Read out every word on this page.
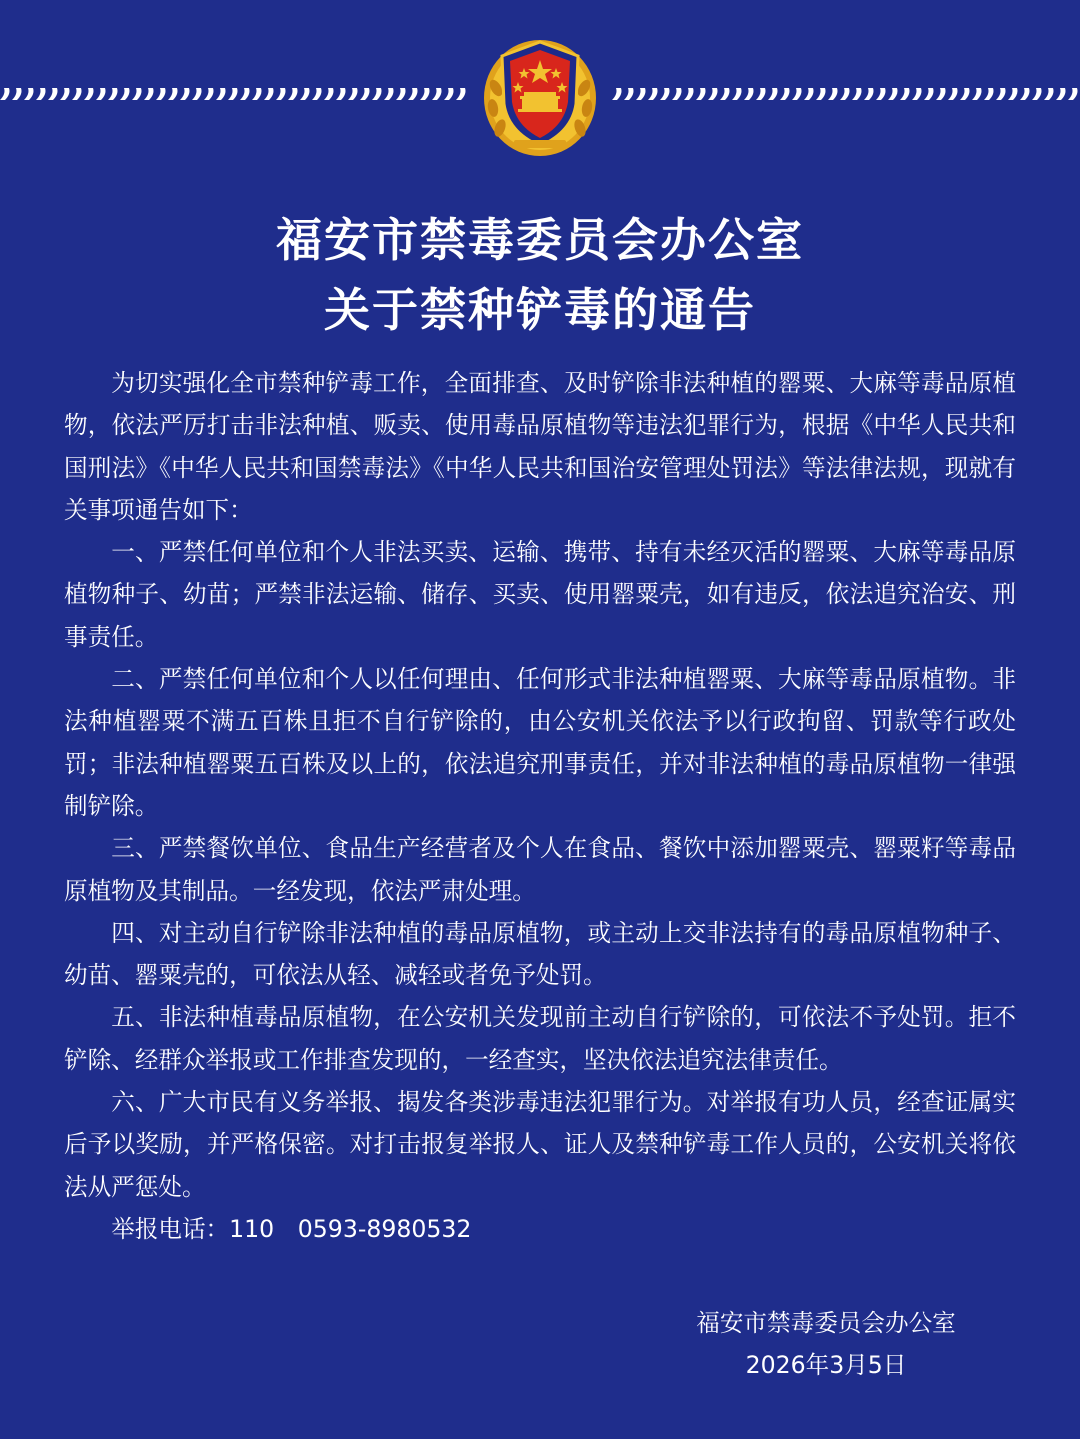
福安市禁毒委员会办公室
关于禁种铲毒的通告

为切实强化全市禁种铲毒工作，全面排查、及时铲除非法种植的罂粟、大麻等毒品原植物，依法严厉打击非法种植、贩卖、使用毒品原植物等违法犯罪行为，根据《中华人民共和国刑法》《中华人民共和国禁毒法》《中华人民共和国治安管理处罚法》等法律法规，现就有关事项通告如下：

一、严禁任何单位和个人非法买卖、运输、携带、持有未经灭活的罂粟、大麻等毒品原植物种子、幼苗；严禁非法运输、储存、买卖、使用罂粟壳，如有违反，依法追究治安、刑事责任。

二、严禁任何单位和个人以任何理由、任何形式非法种植罂粟、大麻等毒品原植物。非法种植罂粟不满五百株且拒不自行铲除的，由公安机关依法予以行政拘留、罚款等行政处罚；非法种植罂粟五百株及以上的，依法追究刑事责任，并对非法种植的毒品原植物一律强制铲除。

三、严禁餐饮单位、食品生产经营者及个人在食品、餐饮中添加罂粟壳、罂粟籽等毒品原植物及其制品。一经发现，依法严肃处理。

四、对主动自行铲除非法种植的毒品原植物，或主动上交非法持有的毒品原植物种子、幼苗、罂粟壳的，可依法从轻、减轻或者免予处罚。

五、非法种植毒品原植物，在公安机关发现前主动自行铲除的，可依法不予处罚。拒不铲除、经群众举报或工作排查发现的，一经查实，坚决依法追究法律责任。

六、广大市民有义务举报、揭发各类涉毒违法犯罪行为。对举报有功人员，经查证属实后予以奖励，并严格保密。对打击报复举报人、证人及禁种铲毒工作人员的，公安机关将依法从严惩处。

举报电话：110　0593-8980532

福安市禁毒委员会办公室

2026年3月5日
